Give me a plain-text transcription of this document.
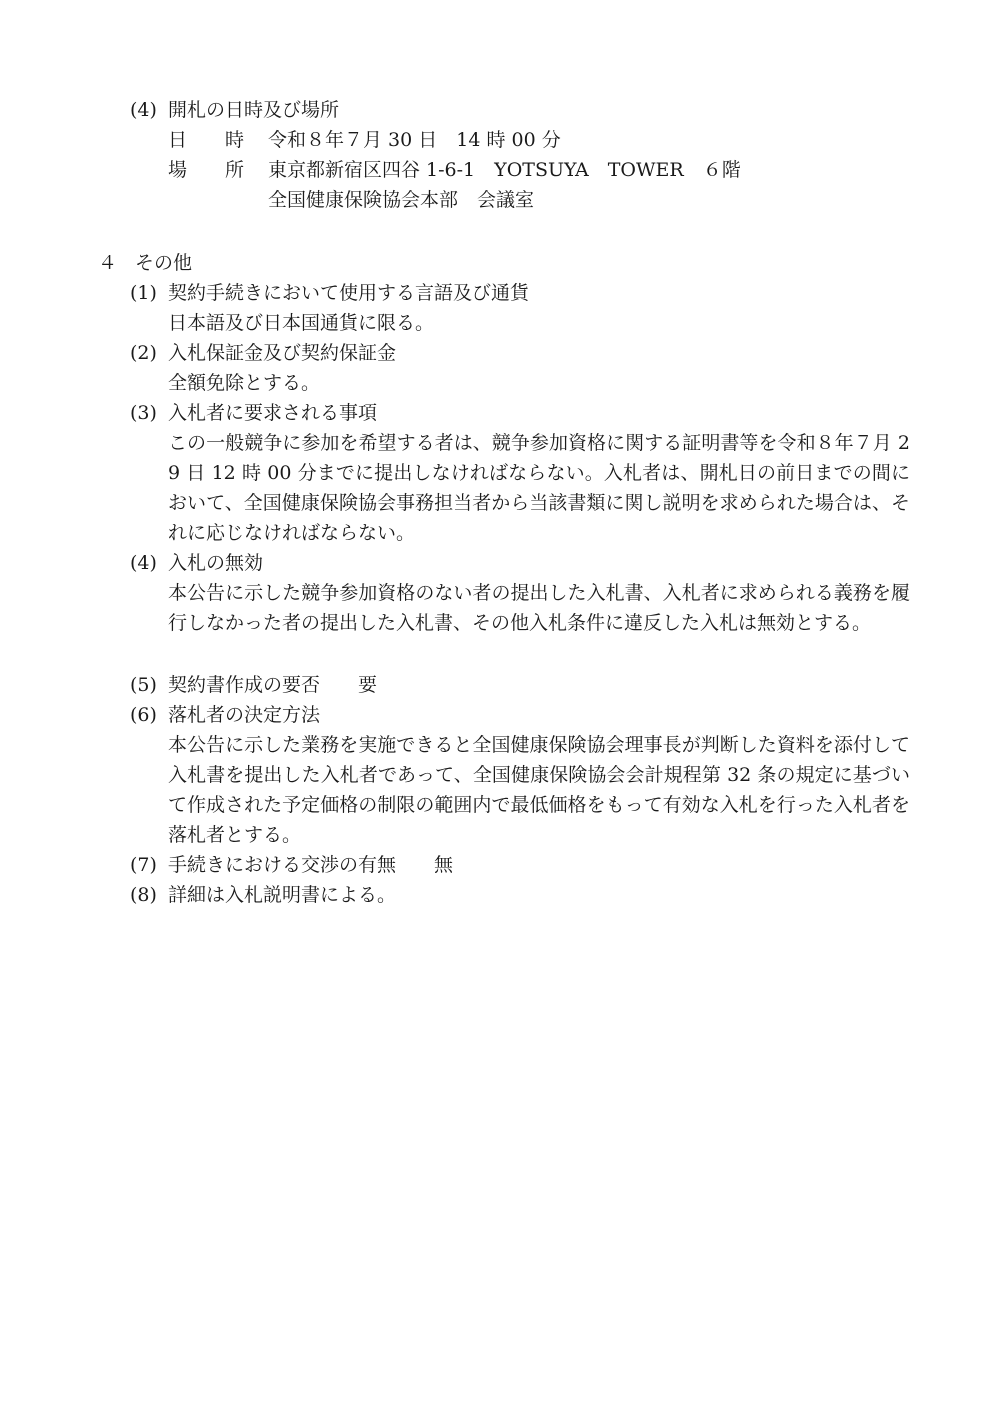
(4) 開札の日時及び場所
日　　時 令和８年７月 30 日　14 時 00 分
場　　所 東京都新宿区四谷 1-6-1　YOTSUYA　TOWER　６階
全国健康保険協会本部　会議室
４ その他
(1) 契約手続きにおいて使用する言語及び通貨
日本語及び日本国通貨に限る。
(2) 入札保証金及び契約保証金
全額免除とする。
(3) 入札者に要求される事項
この一般競争に参加を希望する者は、競争参加資格に関する証明書等を令和８年７月 29 日 12 時 00 分までに提出しなければならない。入札者は、開札日の前日までの間において、全国健康保険協会事務担当者から当該書類に関し説明を求められた場合は、それに応じなければならない。
(4) 入札の無効
本公告に示した競争参加資格のない者の提出した入札書、入札者に求められる義務を履行しなかった者の提出した入札書、その他入札条件に違反した入札は無効とする。
(5) 契約書作成の要否　　要
(6) 落札者の決定方法
本公告に示した業務を実施できると全国健康保険協会理事長が判断した資料を添付して入札書を提出した入札者であって、全国健康保険協会会計規程第 32 条の規定に基づいて作成された予定価格の制限の範囲内で最低価格をもって有効な入札を行った入札者を落札者とする。
(7) 手続きにおける交渉の有無　　無
(8) 詳細は入札説明書による。
